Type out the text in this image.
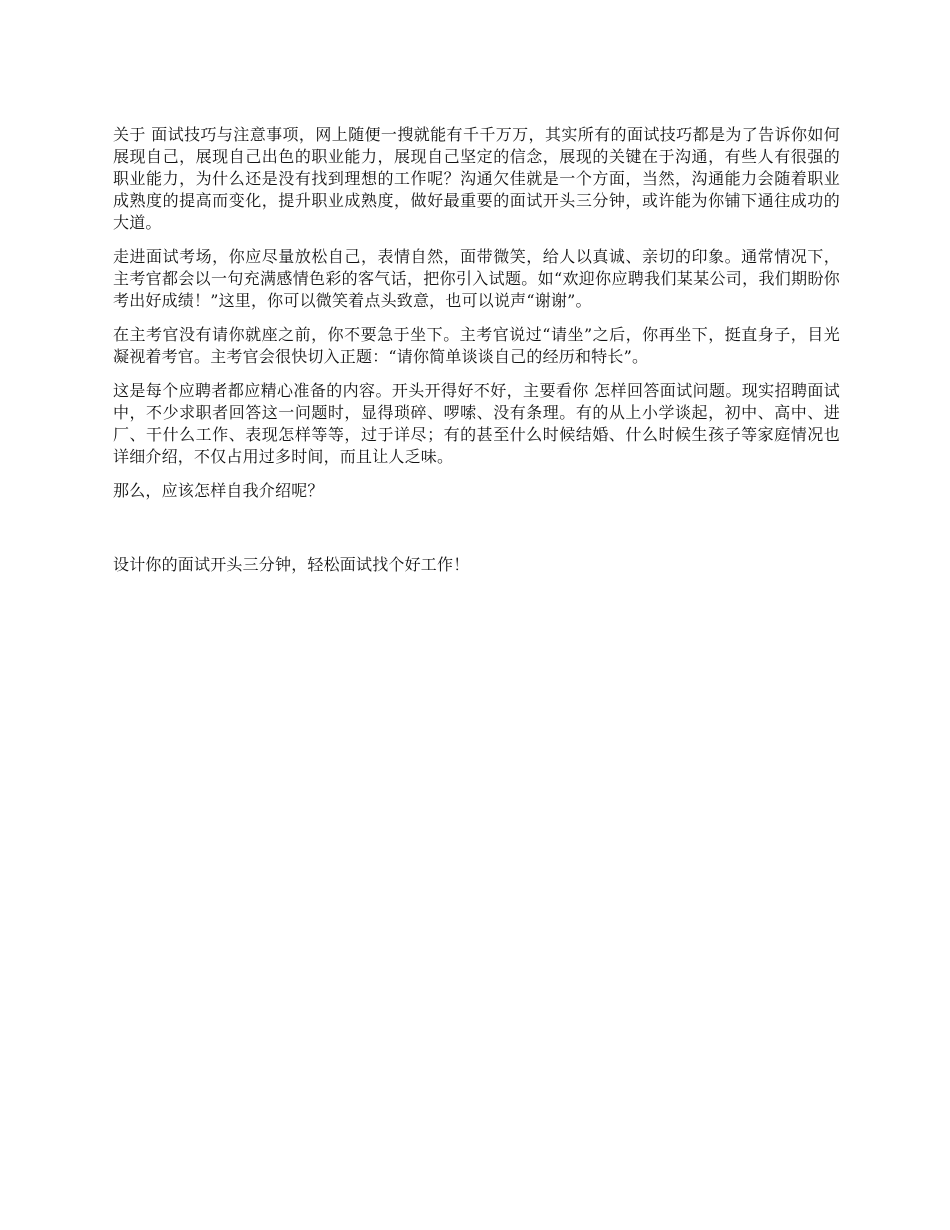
关于 面试技巧与注意事项，网上随便一搜就能有千千万万，其实所有的面试技巧都是为了告诉你如何展现自己，展现自己出色的职业能力，展现自己坚定的信念，展现的关键在于沟通，有些人有很强的职业能力，为什么还是没有找到理想的工作呢？沟通欠佳就是一个方面，当然，沟通能力会随着职业成熟度的提高而变化，提升职业成熟度，做好最重要的面试开头三分钟，或许能为你铺下通往成功的大道。

走进面试考场，你应尽量放松自己，表情自然，面带微笑，给人以真诚、亲切的印象。通常情况下，主考官都会以一句充满感情色彩的客气话，把你引入试题。如“欢迎你应聘我们某某公司，我们期盼你考出好成绩！”这里，你可以微笑着点头致意，也可以说声“谢谢”。

在主考官没有请你就座之前，你不要急于坐下。主考官说过“请坐”之后，你再坐下，挺直身子，目光凝视着考官。主考官会很快切入正题：“请你简单谈谈自己的经历和特长”。

这是每个应聘者都应精心准备的内容。开头开得好不好，主要看你 怎样回答面试问题。现实招聘面试中，不少求职者回答这一问题时，显得琐碎、啰嗦、没有条理。有的从上小学谈起，初中、高中、进厂、干什么工作、表现怎样等等，过于详尽；有的甚至什么时候结婚、什么时候生孩子等家庭情况也详细介绍，不仅占用过多时间，而且让人乏味。

那么，应该怎样自我介绍呢？

设计你的面试开头三分钟，轻松面试找个好工作！
